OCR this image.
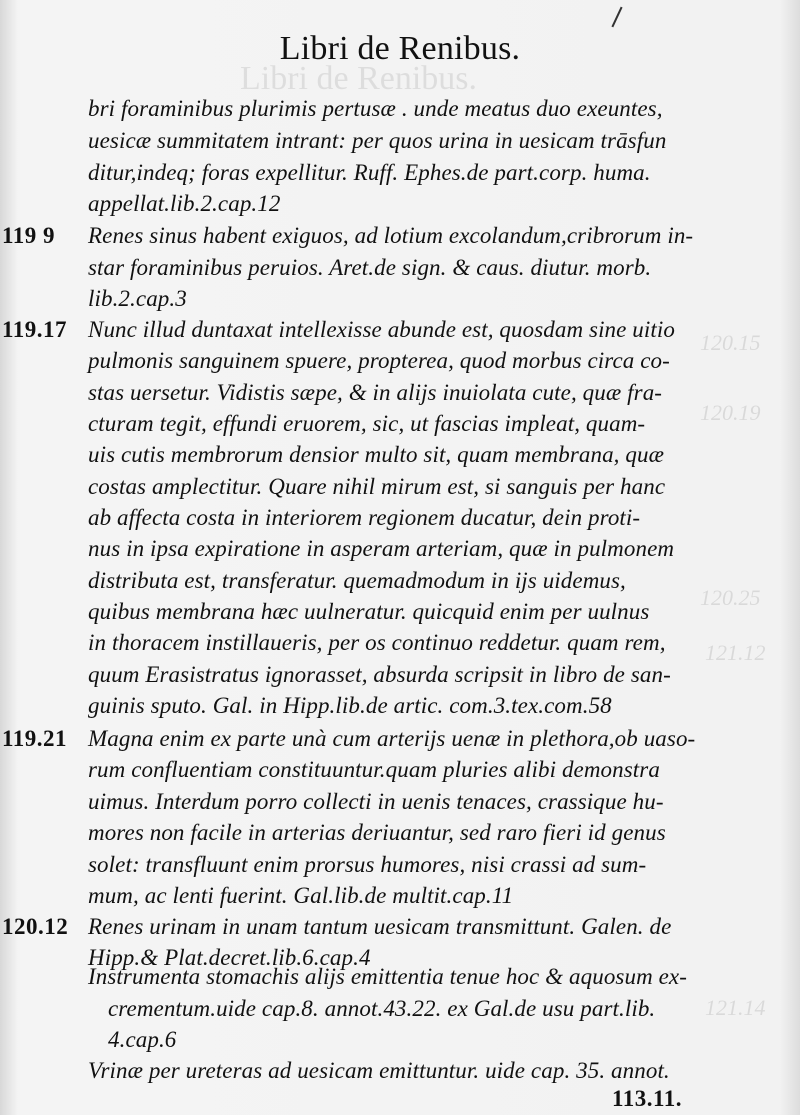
Libri de Renibus.
120.15
120.19
120.25
121.12
121.14
Libri de Renibus.
bri foraminibus plurimis pertusæ . unde meatus duo exeuntes,
uesicæ summitatem intrant: per quos urina in uesicam trāsfun
ditur,indeq; foras expellitur. Ruff. Ephes.de part.corp. huma.
appellat.lib.2.cap.12
119 9 Renes sinus habent exiguos, ad lotium excolandum,cribrorum in-
star foraminibus peruios. Aret.de sign. & caus. diutur. morb.
lib.2.cap.3
119.17 Nunc illud duntaxat intellexisse abunde est, quosdam sine uitio
pulmonis sanguinem spuere, propterea, quod morbus circa co-
stas uersetur. Vidistis sæpe, & in alijs inuiolata cute, quæ fra-
cturam tegit, effundi eruorem, sic, ut fascias impleat, quam-
uis cutis membrorum densior multo sit, quam membrana, quæ
costas amplectitur. Quare nihil mirum est, si sanguis per hanc
ab affecta costa in interiorem regionem ducatur, dein proti-
nus in ipsa expiratione in asperam arteriam, quæ in pulmonem
distributa est, transferatur. quemadmodum in ijs uidemus,
quibus membrana hæc uulneratur. quicquid enim per uulnus
in thoracem instillaueris, per os continuo reddetur. quam rem,
quum Erasistratus ignorasset, absurda scripsit in libro de san-
guinis sputo. Gal. in Hipp.lib.de artic. com.3.tex.com.58
119.21 Magna enim ex parte unà cum arterijs uenæ in plethora,ob uaso-
rum confluentiam constituuntur.quam pluries alibi demonstra
uimus. Interdum porro collecti in uenis tenaces, crassique hu-
mores non facile in arterias deriuantur, sed raro fieri id genus
solet: transfluunt enim prorsus humores, nisi crassi ad sum-
mum, ac lenti fuerint. Gal.lib.de multit.cap.11
120.12 Renes urinam in unam tantum uesicam transmittunt. Galen. de
Hipp.& Plat.decret.lib.6.cap.4
Instrumenta stomachis alijs emittentia tenue hoc & aquosum ex-
crementum.uide cap.8. annot.43.22. ex Gal.de usu part.lib.
4.cap.6
Vrinæ per ureteras ad uesicam emittuntur. uide cap. 35. annot.
113.11.
